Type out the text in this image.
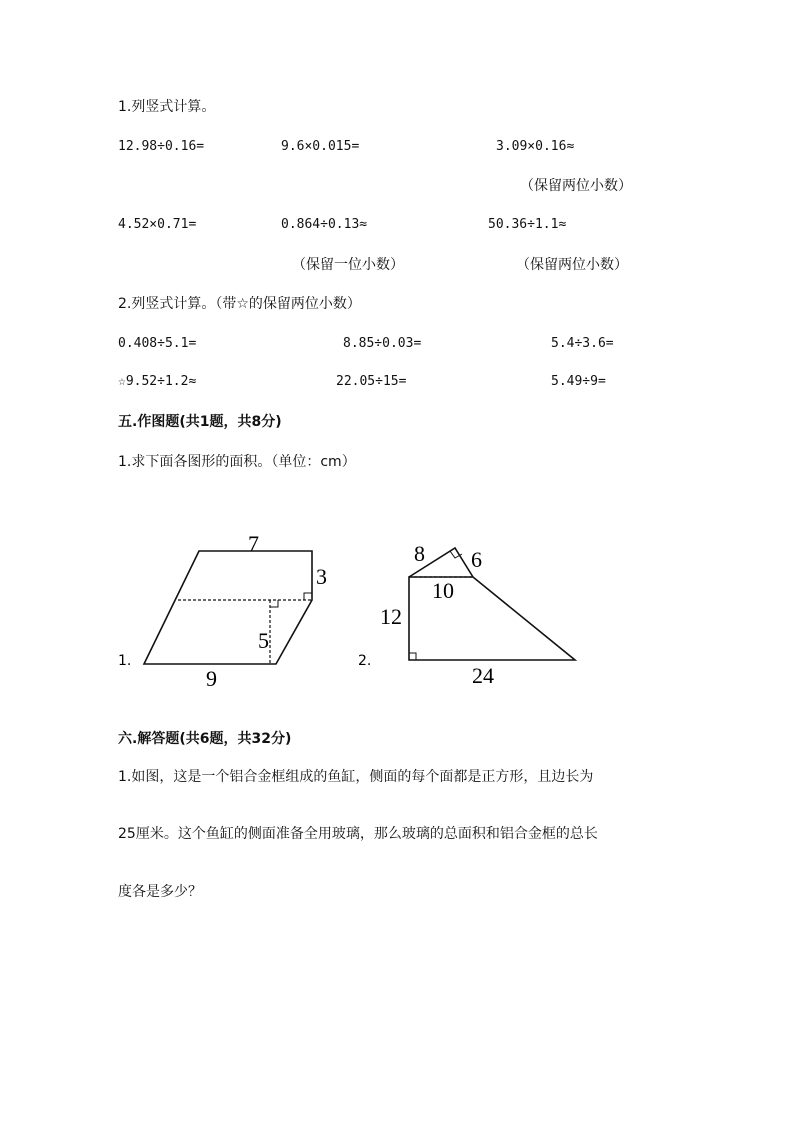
1.列竖式计算。
12.98÷0.16=	9.6×0.015=	3.09×0.16≈
（保留两位小数）
4.52×0.71=	0.864÷0.13≈	50.36÷1.1≈
（保留一位小数）	（保留两位小数）
2.列竖式计算。（带☆的保留两位小数）
0.408÷5.1=	8.85÷0.03=	5.4÷3.6=
☆9.52÷1.2≈	22.05÷15=	5.49÷9=
五.作图题(共1题，共8分)
1.求下面各图形的面积。（单位：cm）
7
3
5
9
1.
8 6
10
12
24
2.
六.解答题(共6题，共32分)
1.如图，这是一个铝合金框组成的鱼缸，侧面的每个面都是正方形，且边长为
25厘米。这个鱼缸的侧面准备全用玻璃，那么玻璃的总面积和铝合金框的总长
度各是多少？
